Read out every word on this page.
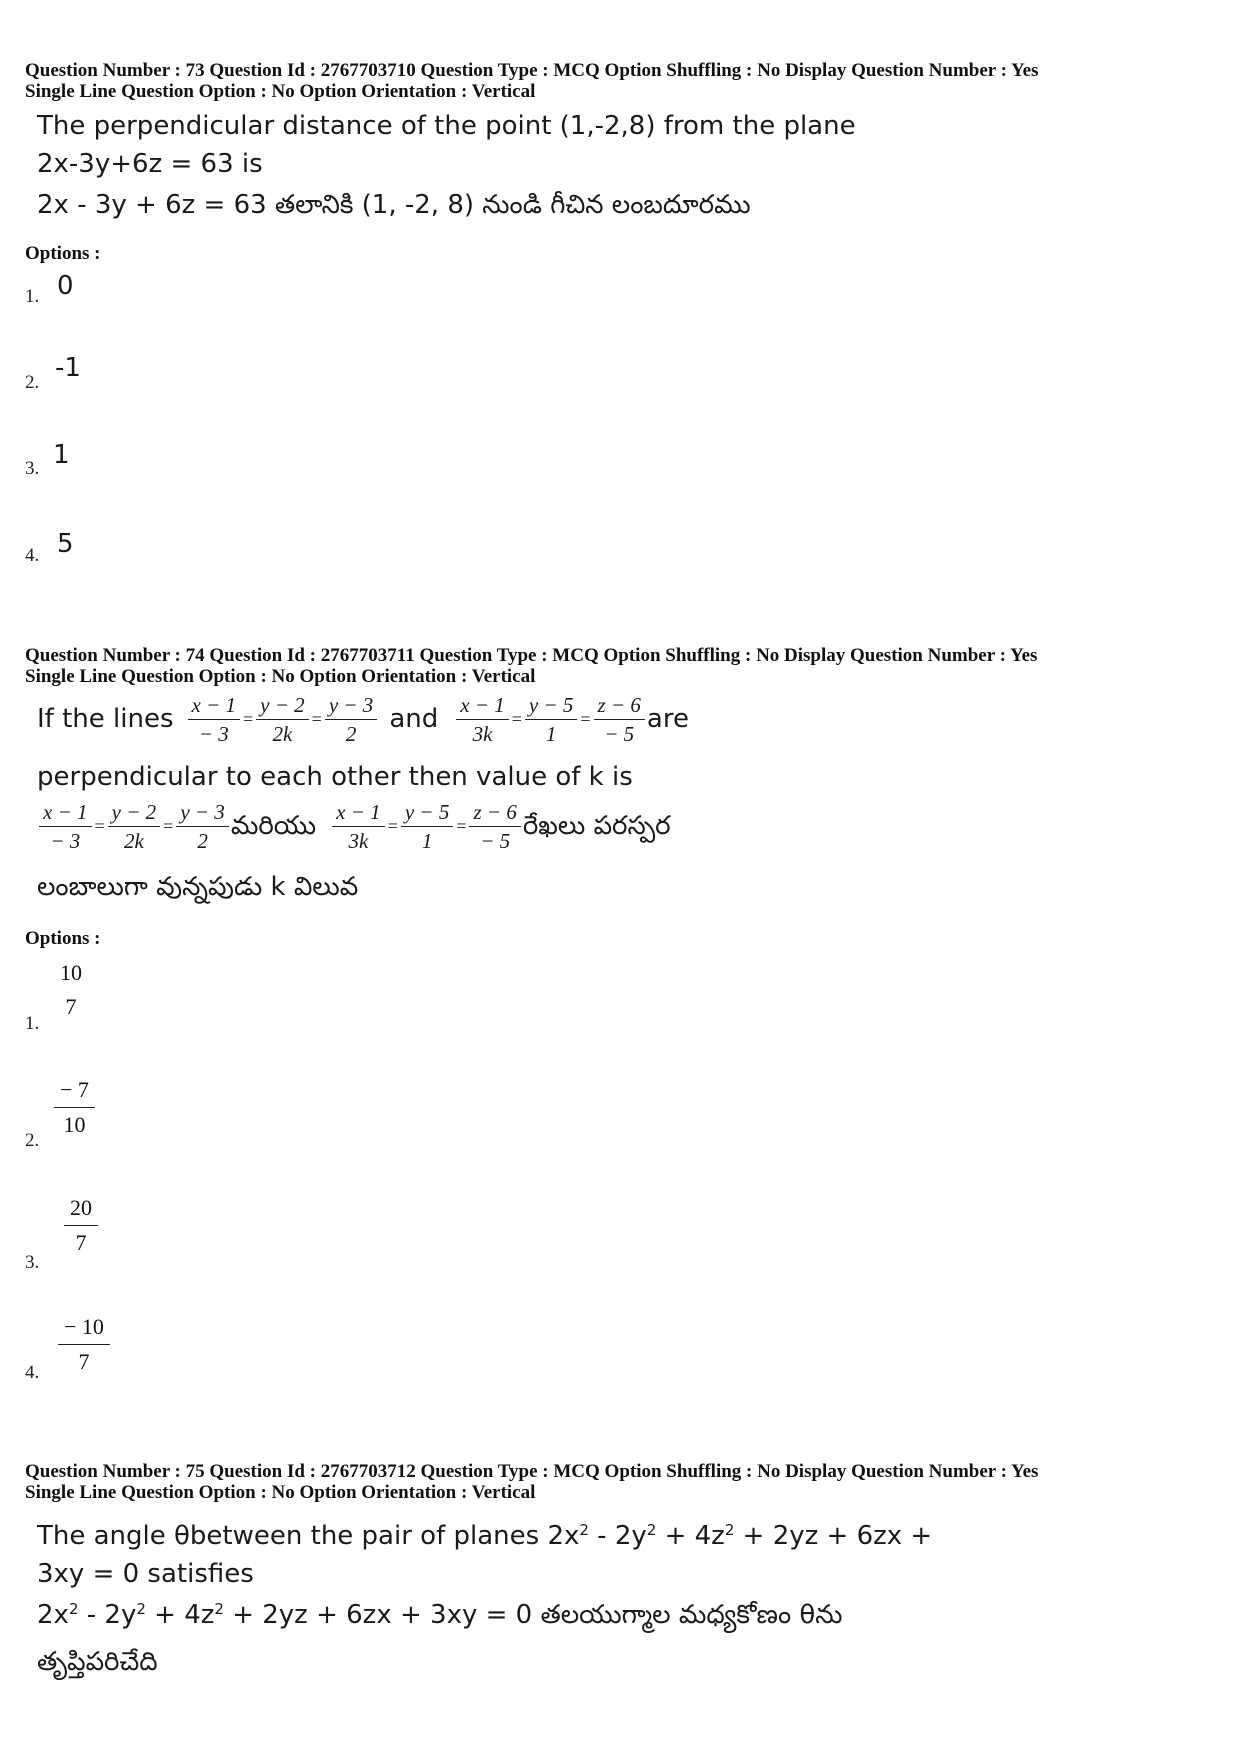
Question Number : 73 Question Id : 2767703710 Question Type : MCQ Option Shuffling : No Display Question Number : Yes
Single Line Question Option : No Option Orientation : Vertical
The perpendicular distance of the point (1,-2,8) from the plane
2x-3y+6z = 63 is
2x - 3y + 6z = 63 తలానికి (1, -2, 8) నుండి గీచిన లంబదూరము
Options :
1. 0
2. -1
3. 1
4. 5
Question Number : 74 Question Id : 2767703711 Question Type : MCQ Option Shuffling : No Display Question Number : Yes
Single Line Question Option : No Option Orientation : Vertical
If the lines $\frac{x - 1}{- 3} = \frac{y - 2}{2k} = \frac{y - 3}{2}$ and $\frac{x - 1}{3k} = \frac{y - 5}{1} = \frac{z - 6}{- 5}$ are
perpendicular to each other then value of k is
$\frac{x - 1}{- 3} = \frac{y - 2}{2k} = \frac{y - 3}{2}$ మరియు $\frac{x - 1}{3k} = \frac{y - 5}{1} = \frac{z - 6}{- 5}$ రేఖలు పరస్పర
లంబాలుగా వున్నపుడు k విలువ
Options :
1.
10
7
2.
$\frac{- 7}{10}$
3.
$\frac{20}{7}$
4. $\frac{- 10}{7}$
Question Number : 75 Question Id : 2767703712 Question Type : MCQ Option Shuffling : No Display Question Number : Yes
Single Line Question Option : No Option Orientation : Vertical
The angle θbetween the pair of planes $2x^2 - 2y^2 + 4z^2 + 2yz + 6zx$ +
3xy = 0 satisfies
$2x^2 - 2y^2 + 4z^2 + 2yz + 6zx + 3xy = 0$ తలయుగ్మాల మధ్యకోణం θను
తృప్తిపరిచేది
